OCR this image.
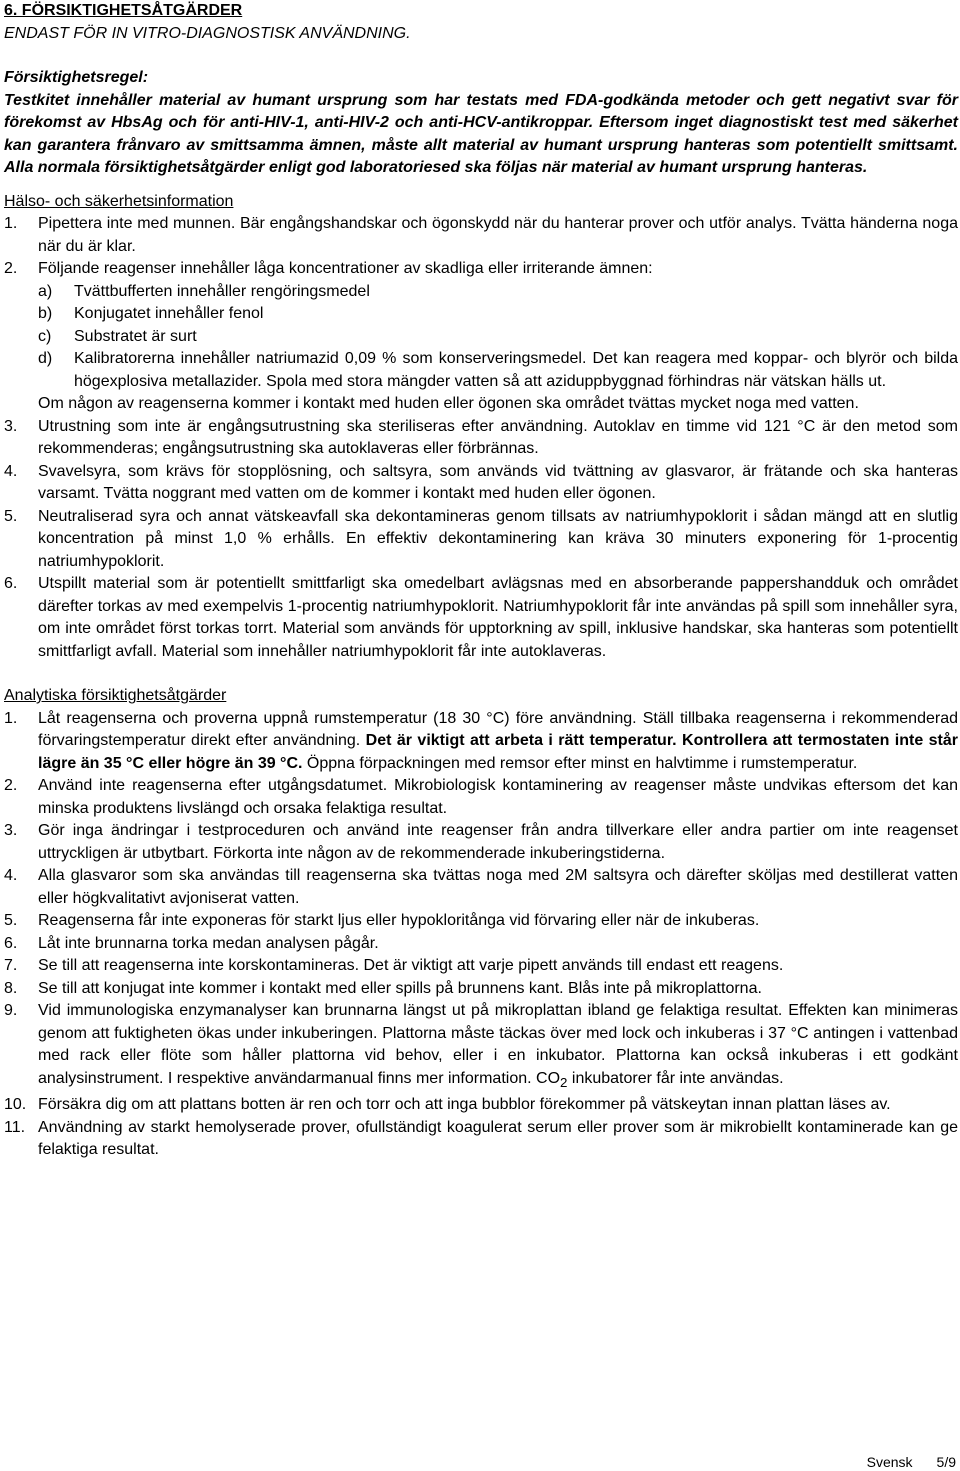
6. FÖRSIKTIGHETSÅTGÄRDER
ENDAST FÖR IN VITRO-DIAGNOSTISK ANVÄNDNING.
Försiktighetsregel:
Testkitet innehåller material av humant ursprung som har testats med FDA-godkända metoder och gett negativt svar för förekomst av HbsAg och för anti-HIV-1, anti-HIV-2 och anti-HCV-antikroppar. Eftersom inget diagnostiskt test med säkerhet kan garantera frånvaro av smittsamma ämnen, måste allt material av humant ursprung hanteras som potentiellt smittsamt. Alla normala försiktighetsåtgärder enligt god laboratoriesed ska följas när material av humant ursprung hanteras.
Hälso- och säkerhetsinformation
1. Pipettera inte med munnen. Bär engångshandskar och ögonskydd när du hanterar prover och utför analys. Tvätta händerna noga när du är klar.
2. Följande reagenser innehåller låga koncentrationer av skadliga eller irriterande ämnen:
a) Tvättbufferten innehåller rengöringsmedel
b) Konjugatet innehåller fenol
c) Substratet är surt
d) Kalibratorerna innehåller natriumazid 0,09 % som konserveringsmedel. Det kan reagera med koppar- och blyrör och bilda högexplosiva metallazider. Spola med stora mängder vatten så att aziduppbyggnad förhindras när vätskan hälls ut.
Om någon av reagenserna kommer i kontakt med huden eller ögonen ska området tvättas mycket noga med vatten.
3. Utrustning som inte är engångsutrustning ska steriliseras efter användning. Autoklav en timme vid 121 °C är den metod som rekommenderas; engångsutrustning ska autoklaveras eller förbrännas.
4. Svavelsyra, som krävs för stopplösning, och saltsyra, som används vid tvättning av glasvaror, är frätande och ska hanteras varsamt. Tvätta noggrant med vatten om de kommer i kontakt med huden eller ögonen.
5. Neutraliserad syra och annat vätskeavfall ska dekontamineras genom tillsats av natriumhypoklorit i sådan mängd att en slutlig koncentration på minst 1,0 % erhålls. En effektiv dekontaminering kan kräva 30 minuters exponering för 1-procentig natriumhypoklorit.
6. Utspillt material som är potentiellt smittfarligt ska omedelbart avlägsnas med en absorberande pappershandduk och området därefter torkas av med exempelvis 1-procentig natriumhypoklorit. Natriumhypoklorit får inte användas på spill som innehåller syra, om inte området först torkas torrt. Material som används för upptorkning av spill, inklusive handskar, ska hanteras som potentiellt smittfarligt avfall. Material som innehåller natriumhypoklorit får inte autoklaveras.
Analytiska försiktighetsåtgärder
1. Låt reagenserna och proverna uppnå rumstemperatur (18 30 °C) före användning. Ställ tillbaka reagenserna i rekommenderad förvaringstemperatur direkt efter användning. Det är viktigt att arbeta i rätt temperatur. Kontrollera att termostaten inte står lägre än 35 °C eller högre än 39 °C. Öppna förpackningen med remsor efter minst en halvtimme i rumstemperatur.
2. Använd inte reagenserna efter utgångsdatumet. Mikrobiologisk kontaminering av reagenser måste undvikas eftersom det kan minska produktens livslängd och orsaka felaktiga resultat.
3. Gör inga ändringar i testproceduren och använd inte reagenser från andra tillverkare eller andra partier om inte reagenset uttryckligen är utbytbart. Förkorta inte någon av de rekommenderade inkuberingstiderna.
4. Alla glasvaror som ska användas till reagenserna ska tvättas noga med 2M saltsyra och därefter sköljas med destillerat vatten eller högkvalitativt avjoniserat vatten.
5. Reagenserna får inte exponeras för starkt ljus eller hypokloritånga vid förvaring eller när de inkuberas.
6. Låt inte brunnarna torka medan analysen pågår.
7. Se till att reagenserna inte korskontamineras. Det är viktigt att varje pipett används till endast ett reagens.
8. Se till att konjugat inte kommer i kontakt med eller spills på brunnens kant. Blås inte på mikroplattorna.
9. Vid immunologiska enzymanalyser kan brunnarna längst ut på mikroplattan ibland ge felaktiga resultat. Effekten kan minimeras genom att fuktigheten ökas under inkuberingen. Plattorna måste täckas över med lock och inkuberas i 37 °C antingen i vattenbad med rack eller flöte som håller plattorna vid behov, eller i en inkubator. Plattorna kan också inkuberas i ett godkänt analysinstrument. I respektive användarmanual finns mer information. $CO_2$ inkubatorer får inte användas.
10. Försäkra dig om att plattans botten är ren och torr och att inga bubblor förekommer på vätskeytan innan plattan läses av.
11. Användning av starkt hemolyserade prover, ofullständigt koagulerat serum eller prover som är mikrobiellt kontaminerade kan ge felaktiga resultat.
Svensk 5/9
